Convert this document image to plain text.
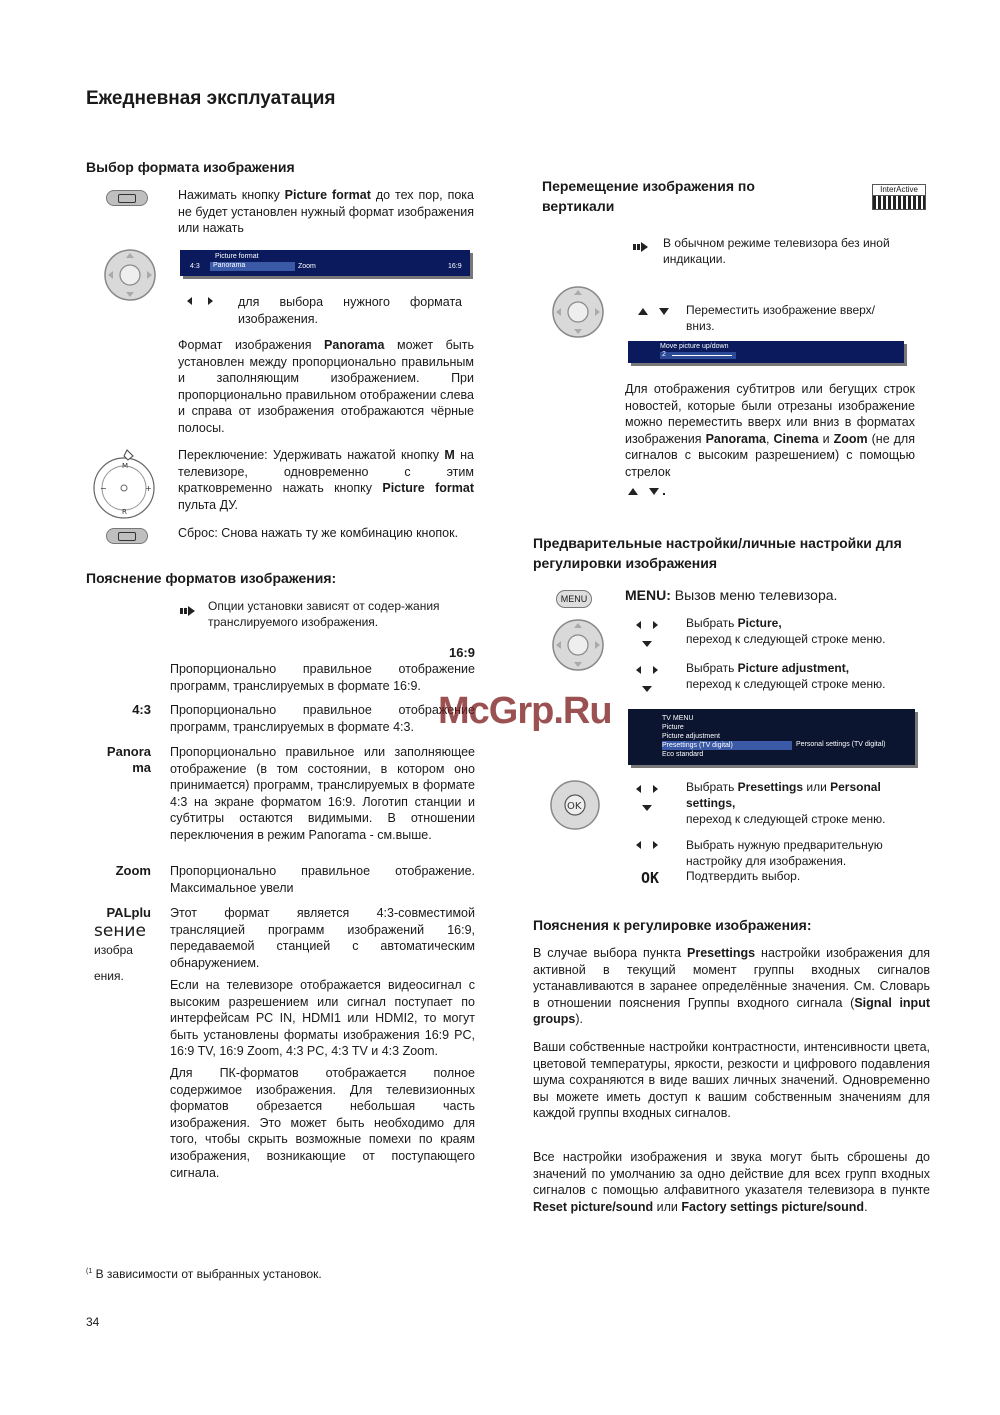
Ежедневная эксплуатация
Выбор формата изображения
Нажимать кнопку Picture format до тех пор, пока не будет установлен нужный формат изображения или нажать
Picture format
4:3	Panorama	Zoom	16:9
для выбора нужного формата изображения.
Формат изображения Panorama может быть установлен между пропорционально правильным и заполняющим изображением. При пропорционально правильном отображении слева и справа от изображения отображаются чёрные полосы.
M
R
−	+
Переключение: Удерживать нажатой кнопку M на телевизоре, одновременно с этим кратковременно нажать кнопку Picture format пульта ДУ.
Сброс: Снова нажать ту же комбинацию кнопок.
Пояснение форматов изображения:
Опции установки зависят от содер-жания транслируемого изображения.
16:9
Пропорционально правильное отображение программ, транслируемых в формате 16:9.
4:3 Пропорционально правильное отображение программ, транслируемых в формате 4:3.
Panora ma
Пропорционально правильное или заполняющее отображение (в том состоянии, в котором оно принимается) программ, транслируемых в формате 4:3 на экране форматом 16:9. Логотип станции и субтитры остаются видимыми. В отношении переключения в режим Panorama - см.выше.
Zoom Пропорционально правильное отображение. Максимальное увели
PALplu
sение
изобра
ения.
Этот формат является 4:3-совместимой трансляцией программ изображений 16:9, передаваемой станцией с автоматическим обнаружением.
Если на телевизоре отображается видеосигнал с высоким разрешением или сигнал поступает по интерфейсам PC IN, HDMI1 или HDMI2, то могут быть установлены форматы изображения 16:9 PC, 16:9 TV, 16:9 Zoom, 4:3 PC, 4:3 TV и 4:3 Zoom.
Для ПК-форматов отображается полное содержимое изображения. Для телевизионных форматов обрезается небольшая часть изображения. Это может быть необходимо для того, чтобы скрыть возможные помехи по краям изображения, возникающие от поступающего сигнала.
$^{(1}$ В зависимости от выбранных установок.
34
Перемещение изображения по вертикали
InterActive
В обычном режиме телевизора без иной индикации.
Переместить изображение вверх/вниз.
Move picture up/down
2
Для отображения субтитров или бегущих строк новостей, которые были отрезаны изображение можно переместить вверх или вниз в форматах изображения Panorama, Cinema и Zoom (не для сигналов с высоким разрешением) с помощью стрелок
Предварительные настройки/личные настройки для регулировки изображения
MENU	MENU: Вызов меню телевизора.
Выбрать Picture,
переход к следующей строке меню.
Выбрать Picture adjustment,
переход к следующей строке меню.
TV MENU
Picture
Picture adjustment
Presettings (TV digital)
Eco standard
Personal settings (TV digital)
OK
Выбрать Presettings или Personal settings,
переход к следующей строке меню.
Выбрать нужную предварительную настройку для изображения.
OK Подтвердить выбор.
Пояснения к регулировке изображения:
В случае выбора пункта Presettings настройки изображения для активной в текущий момент группы входных сигналов устанавливаются в заранее определённые значения. См. Словарь в отношении пояснения Группы входного сигнала (Signal input groups).
Ваши собственные настройки контрастности, интенсивности цвета, цветовой температуры, яркости, резкости и цифрового подавления шума сохраняются в виде ваших личных значений. Одновременно вы можете иметь доступ к вашим собственным значениям для каждой группы входных сигналов.
Все настройки изображения и звука могут быть сброшены до значений по умолчанию за одно действие для всех групп входных сигналов с помощью алфавитного указателя телевизора в пункте Reset picture/sound или Factory settings picture/sound.
McGrp.Ru
